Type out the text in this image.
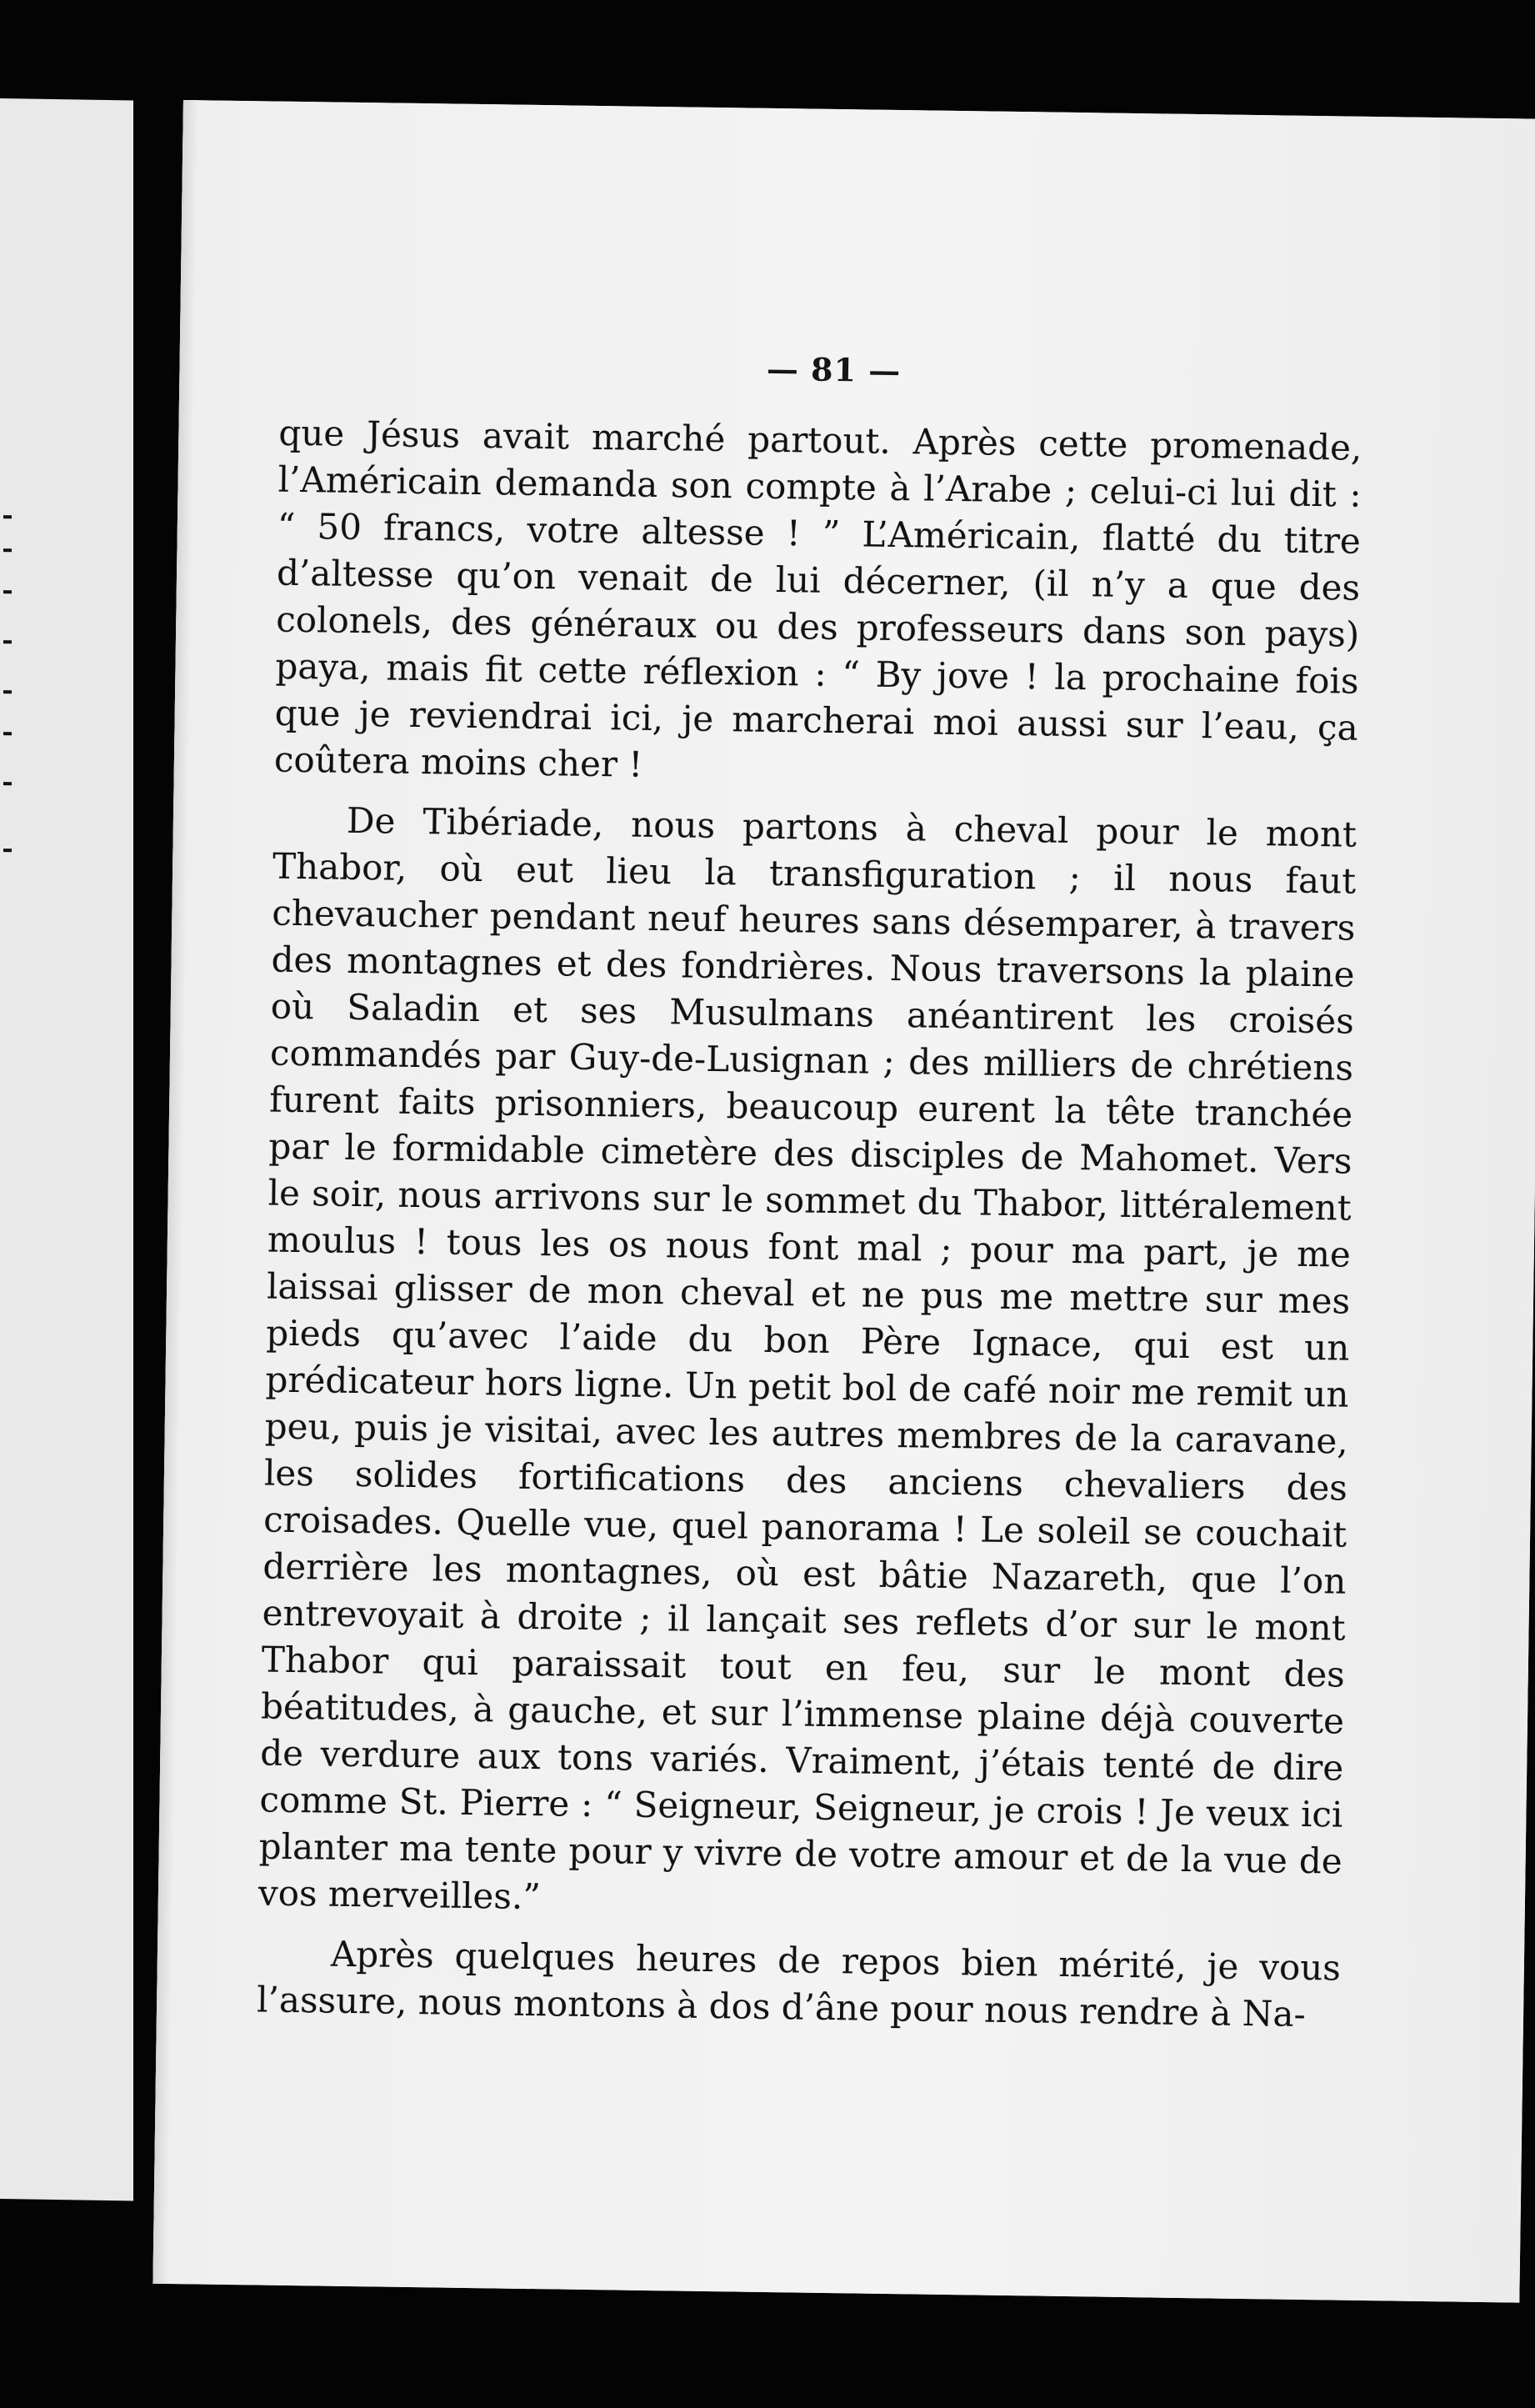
— 81 —

que Jésus avait marché partout. Après cette promenade, l’Américain demanda son compte à l’Arabe ; celui-ci lui dit : “ 50 francs, votre altesse ! ” L’Américain, flatté du titre d’altesse qu’on venait de lui décerner, (il n’y a que des colonels, des généraux ou des professeurs dans son pays) paya, mais fit cette réflexion : “ By jove ! la prochaine fois que je reviendrai ici, je marcherai moi aussi sur l’eau, ça coûtera moins cher !

De Tibériade, nous partons à cheval pour le mont Thabor, où eut lieu la transfiguration ; il nous faut chevaucher pendant neuf heures sans désemparer, à travers des montagnes et des fondrières. Nous traversons la plaine où Saladin et ses Musulmans anéantirent les croisés commandés par Guy-de-Lusignan ; des milliers de chrétiens furent faits prisonniers, beaucoup eurent la tête tranchée par le formidable cimetère des disciples de Mahomet. Vers le soir, nous arrivons sur le sommet du Thabor, littéralement moulus ! tous les os nous font mal ; pour ma part, je me laissai glisser de mon cheval et ne pus me mettre sur mes pieds qu’avec l’aide du bon Père Ignace, qui est un prédicateur hors ligne. Un petit bol de café noir me remit un peu, puis je visitai, avec les autres membres de la caravane, les solides fortifications des anciens chevaliers des croisades. Quelle vue, quel panorama ! Le soleil se couchait derrière les montagnes, où est bâtie Nazareth, que l’on entrevoyait à droite ; il lançait ses reflets d’or sur le mont Thabor qui paraissait tout en feu, sur le mont des béatitudes, à gauche, et sur l’immense plaine déjà couverte de verdure aux tons variés. Vraiment, j’étais tenté de dire comme St. Pierre : “ Seigneur, Seigneur, je crois ! Je veux ici planter ma tente pour y vivre de votre amour et de la vue de vos merveilles.”

Après quelques heures de repos bien mérité, je vous l’assure, nous montons à dos d’âne pour nous rendre à Na-
